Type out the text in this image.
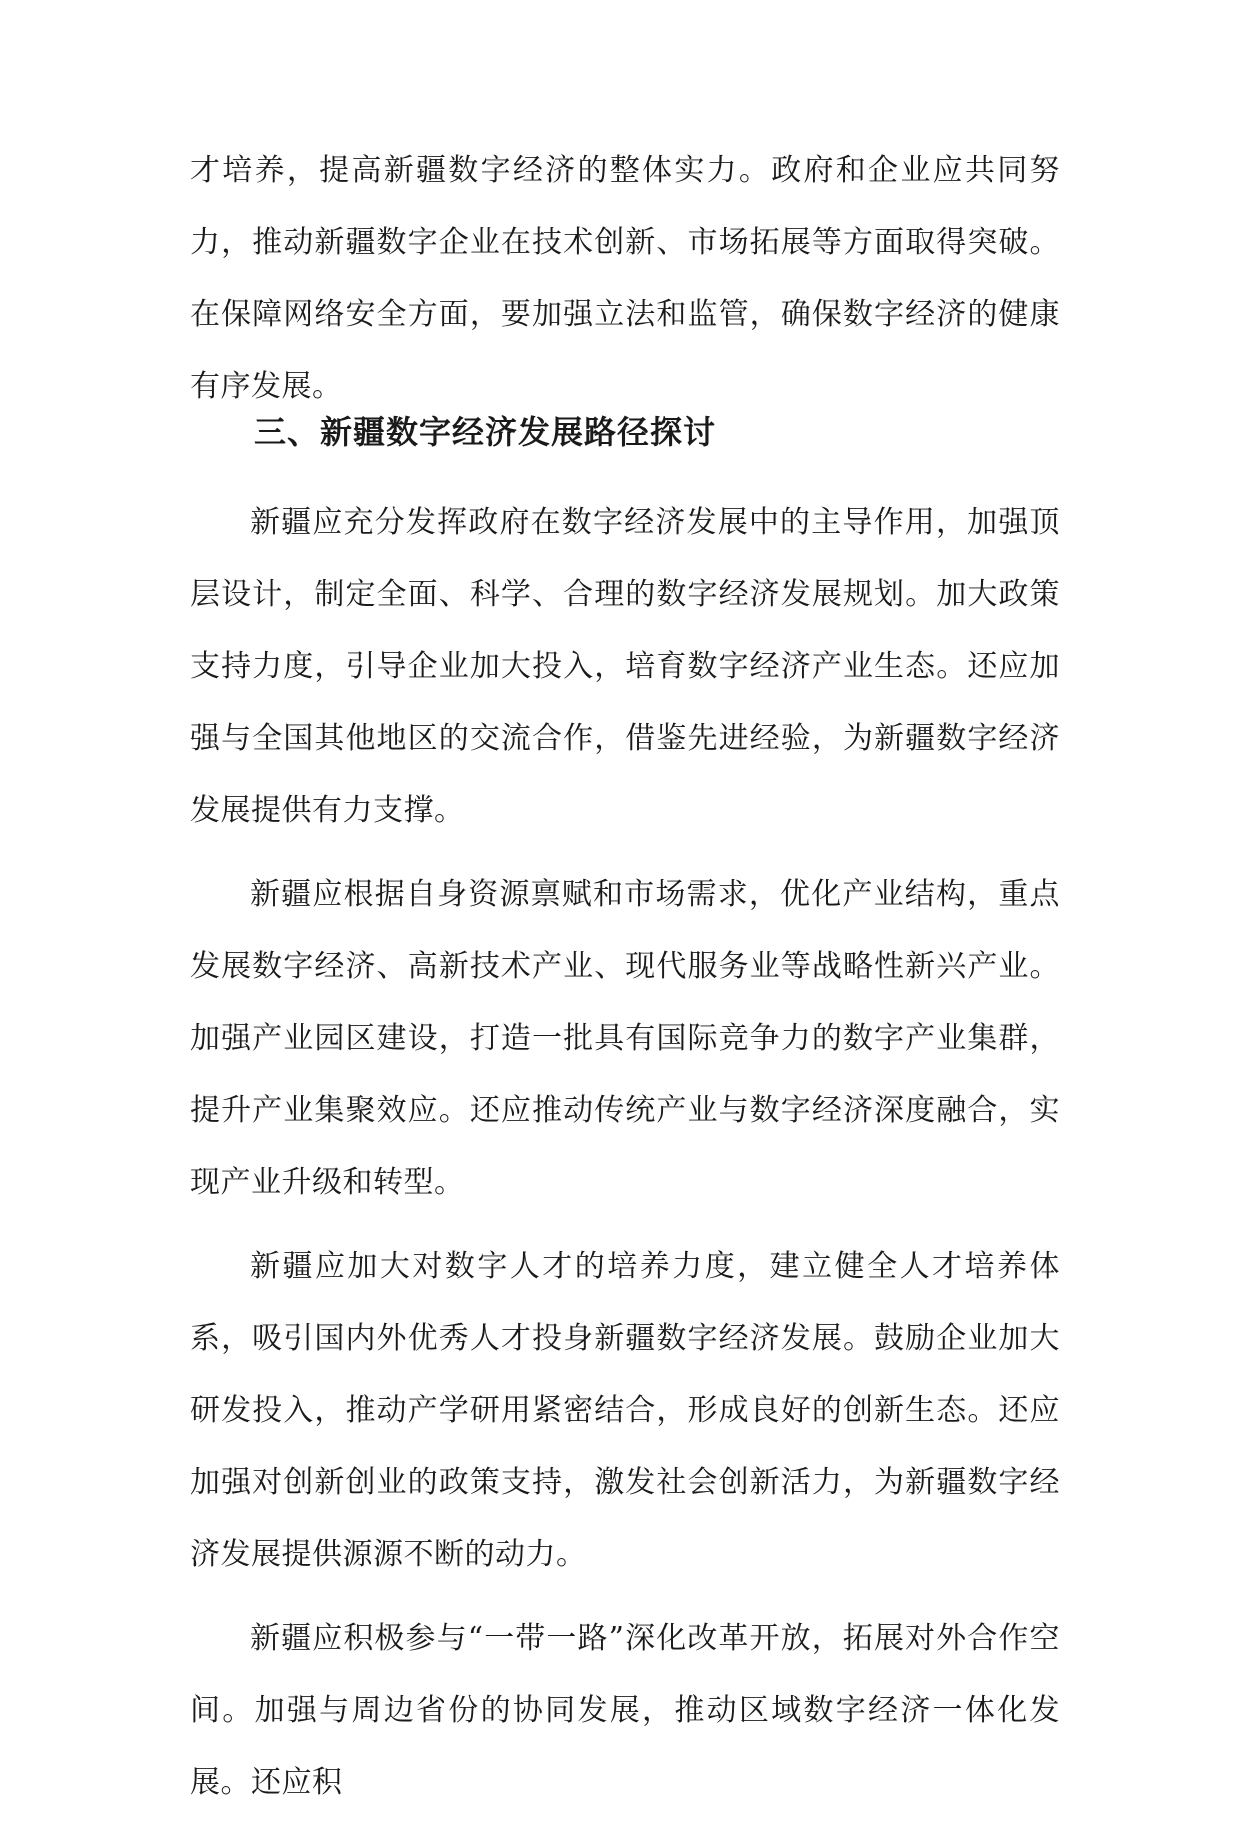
才培养，提高新疆数字经济的整体实力。政府和企业应共同努力，推动新疆数字企业在技术创新、市场拓展等方面取得突破。在保障网络安全方面，要加强立法和监管，确保数字经济的健康有序发展。

三、新疆数字经济发展路径探讨

新疆应充分发挥政府在数字经济发展中的主导作用，加强顶层设计，制定全面、科学、合理的数字经济发展规划。加大政策支持力度，引导企业加大投入，培育数字经济产业生态。还应加强与全国其他地区的交流合作，借鉴先进经验，为新疆数字经济发展提供有力支撑。

新疆应根据自身资源禀赋和市场需求，优化产业结构，重点发展数字经济、高新技术产业、现代服务业等战略性新兴产业。加强产业园区建设，打造一批具有国际竞争力的数字产业集群，提升产业集聚效应。还应推动传统产业与数字经济深度融合，实现产业升级和转型。

新疆应加大对数字人才的培养力度，建立健全人才培养体系，吸引国内外优秀人才投身新疆数字经济发展。鼓励企业加大研发投入，推动产学研用紧密结合，形成良好的创新生态。还应加强对创新创业的政策支持，激发社会创新活力，为新疆数字经济发展提供源源不断的动力。

新疆应积极参与“一带一路”深化改革开放，拓展对外合作空间。加强与周边省份的协同发展，推动区域数字经济一体化发展。还应积
